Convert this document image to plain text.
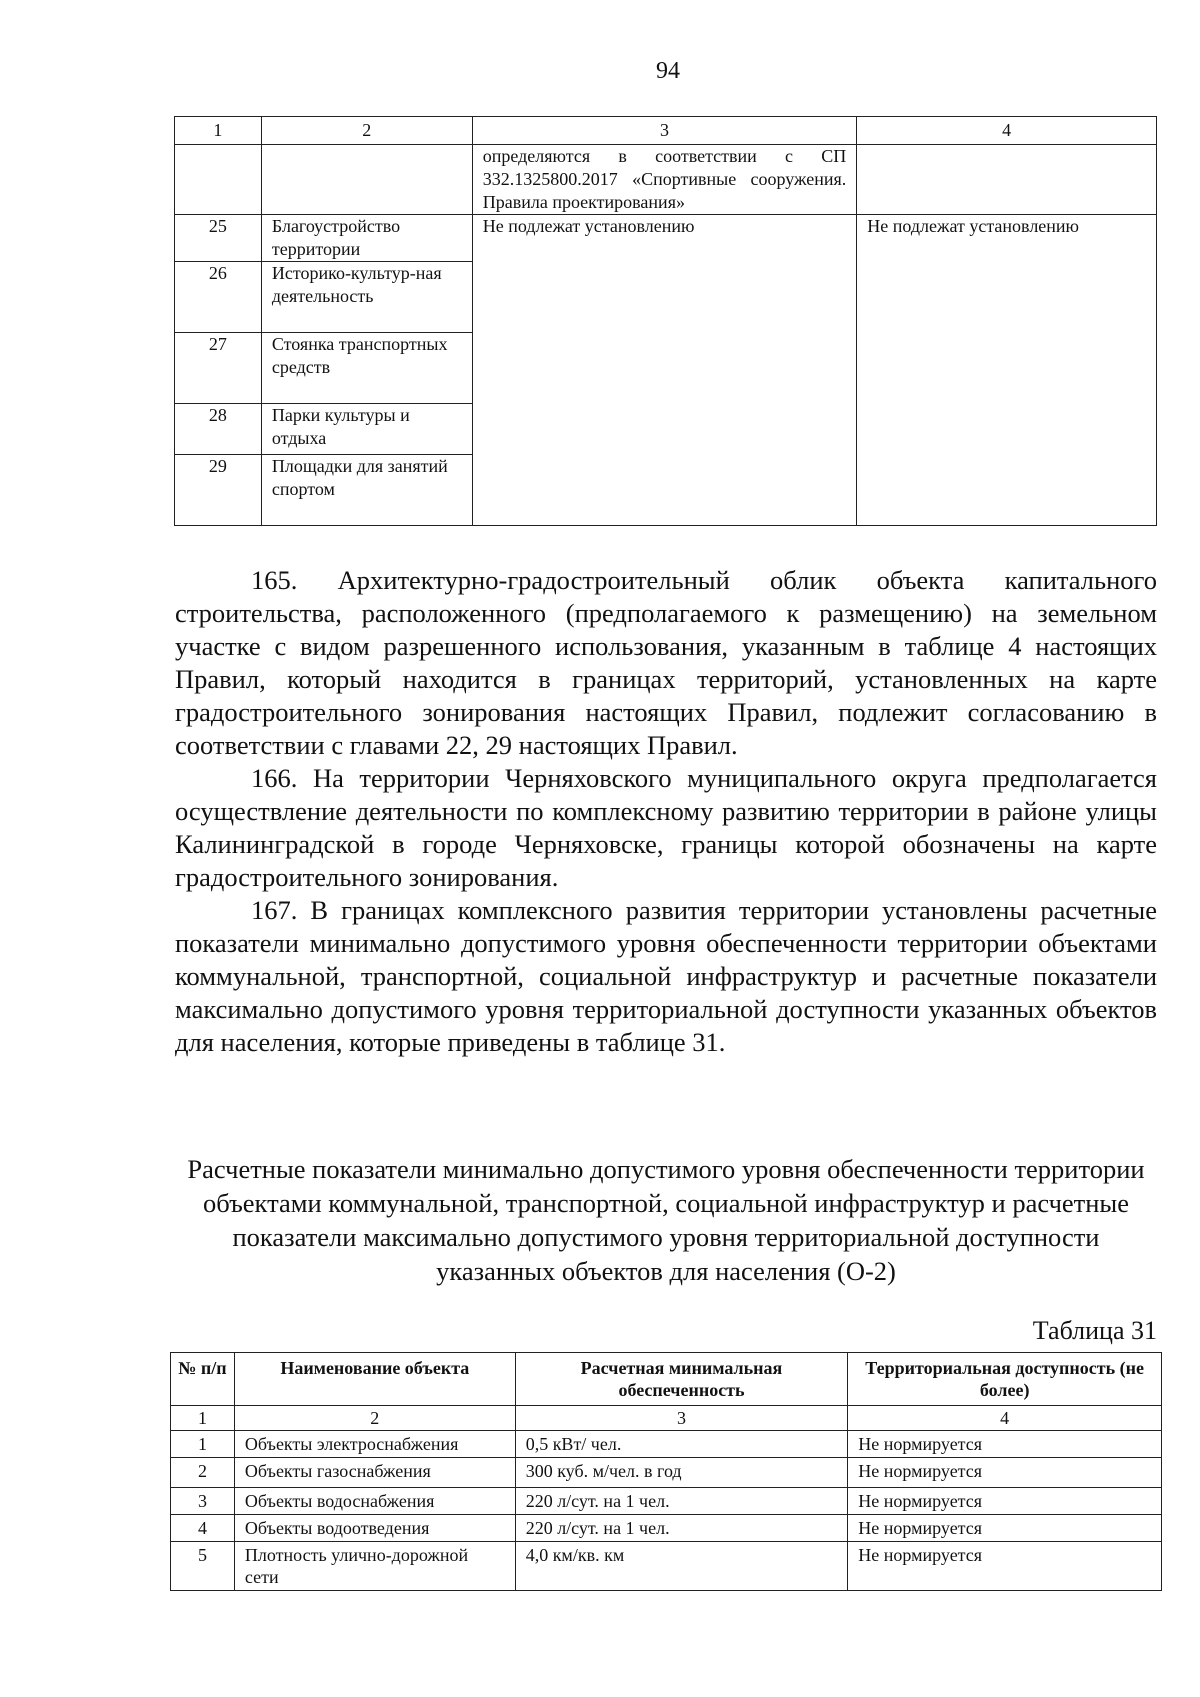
94
1	2	3	4
		определяются в соответствии с СП 332.1325800.2017 «Спортивные сооружения. Правила проектирования»	
25	Благоустройство территории	Не подлежат установлению	Не подлежат установлению
26	Историко-культур-ная деятельность		
27	Стоянка транспортных средств		
28	Парки культуры и отдыха		
29	Площадки для занятий спортом		

165. Архитектурно-градостроительный облик объекта капитального строительства, расположенного (предполагаемого к размещению) на земельном участке с видом разрешенного использования, указанным в таблице 4 настоящих Правил, который находится в границах территорий, установленных на карте градостроительного зонирования настоящих Правил, подлежит согласованию в соответствии с главами 22, 29 настоящих Правил.

166. На территории Черняховского муниципального округа предполагается осуществление деятельности по комплексному развитию территории в районе улицы Калининградской в городе Черняховске, границы которой обозначены на карте градостроительного зонирования.

167. В границах комплексного развития территории установлены расчетные показатели минимально допустимого уровня обеспеченности территории объектами коммунальной, транспортной, социальной инфраструктур и расчетные показатели максимально допустимого уровня территориальной доступности указанных объектов для населения, которые приведены в таблице 31.

Расчетные показатели минимально допустимого уровня обеспеченности территории объектами коммунальной, транспортной, социальной инфраструктур и расчетные показатели максимально допустимого уровня территориальной доступности указанных объектов для населения (О-2)
Таблица 31
№ п/п	Наименование объекта	Расчетная минимальная обеспеченность	Территориальная доступность (не более)
1	2	3	4
1	Объекты электроснабжения	0,5 кВт/ чел.	Не нормируется
2	Объекты газоснабжения	300 куб. м/чел. в год	Не нормируется
3	Объекты водоснабжения	220 л/сут. на 1 чел.	Не нормируется
4	Объекты водоотведения	220 л/сут. на 1 чел.	Не нормируется
5	Плотность улично-дорожной сети	4,0 км/кв. км	Не нормируется
